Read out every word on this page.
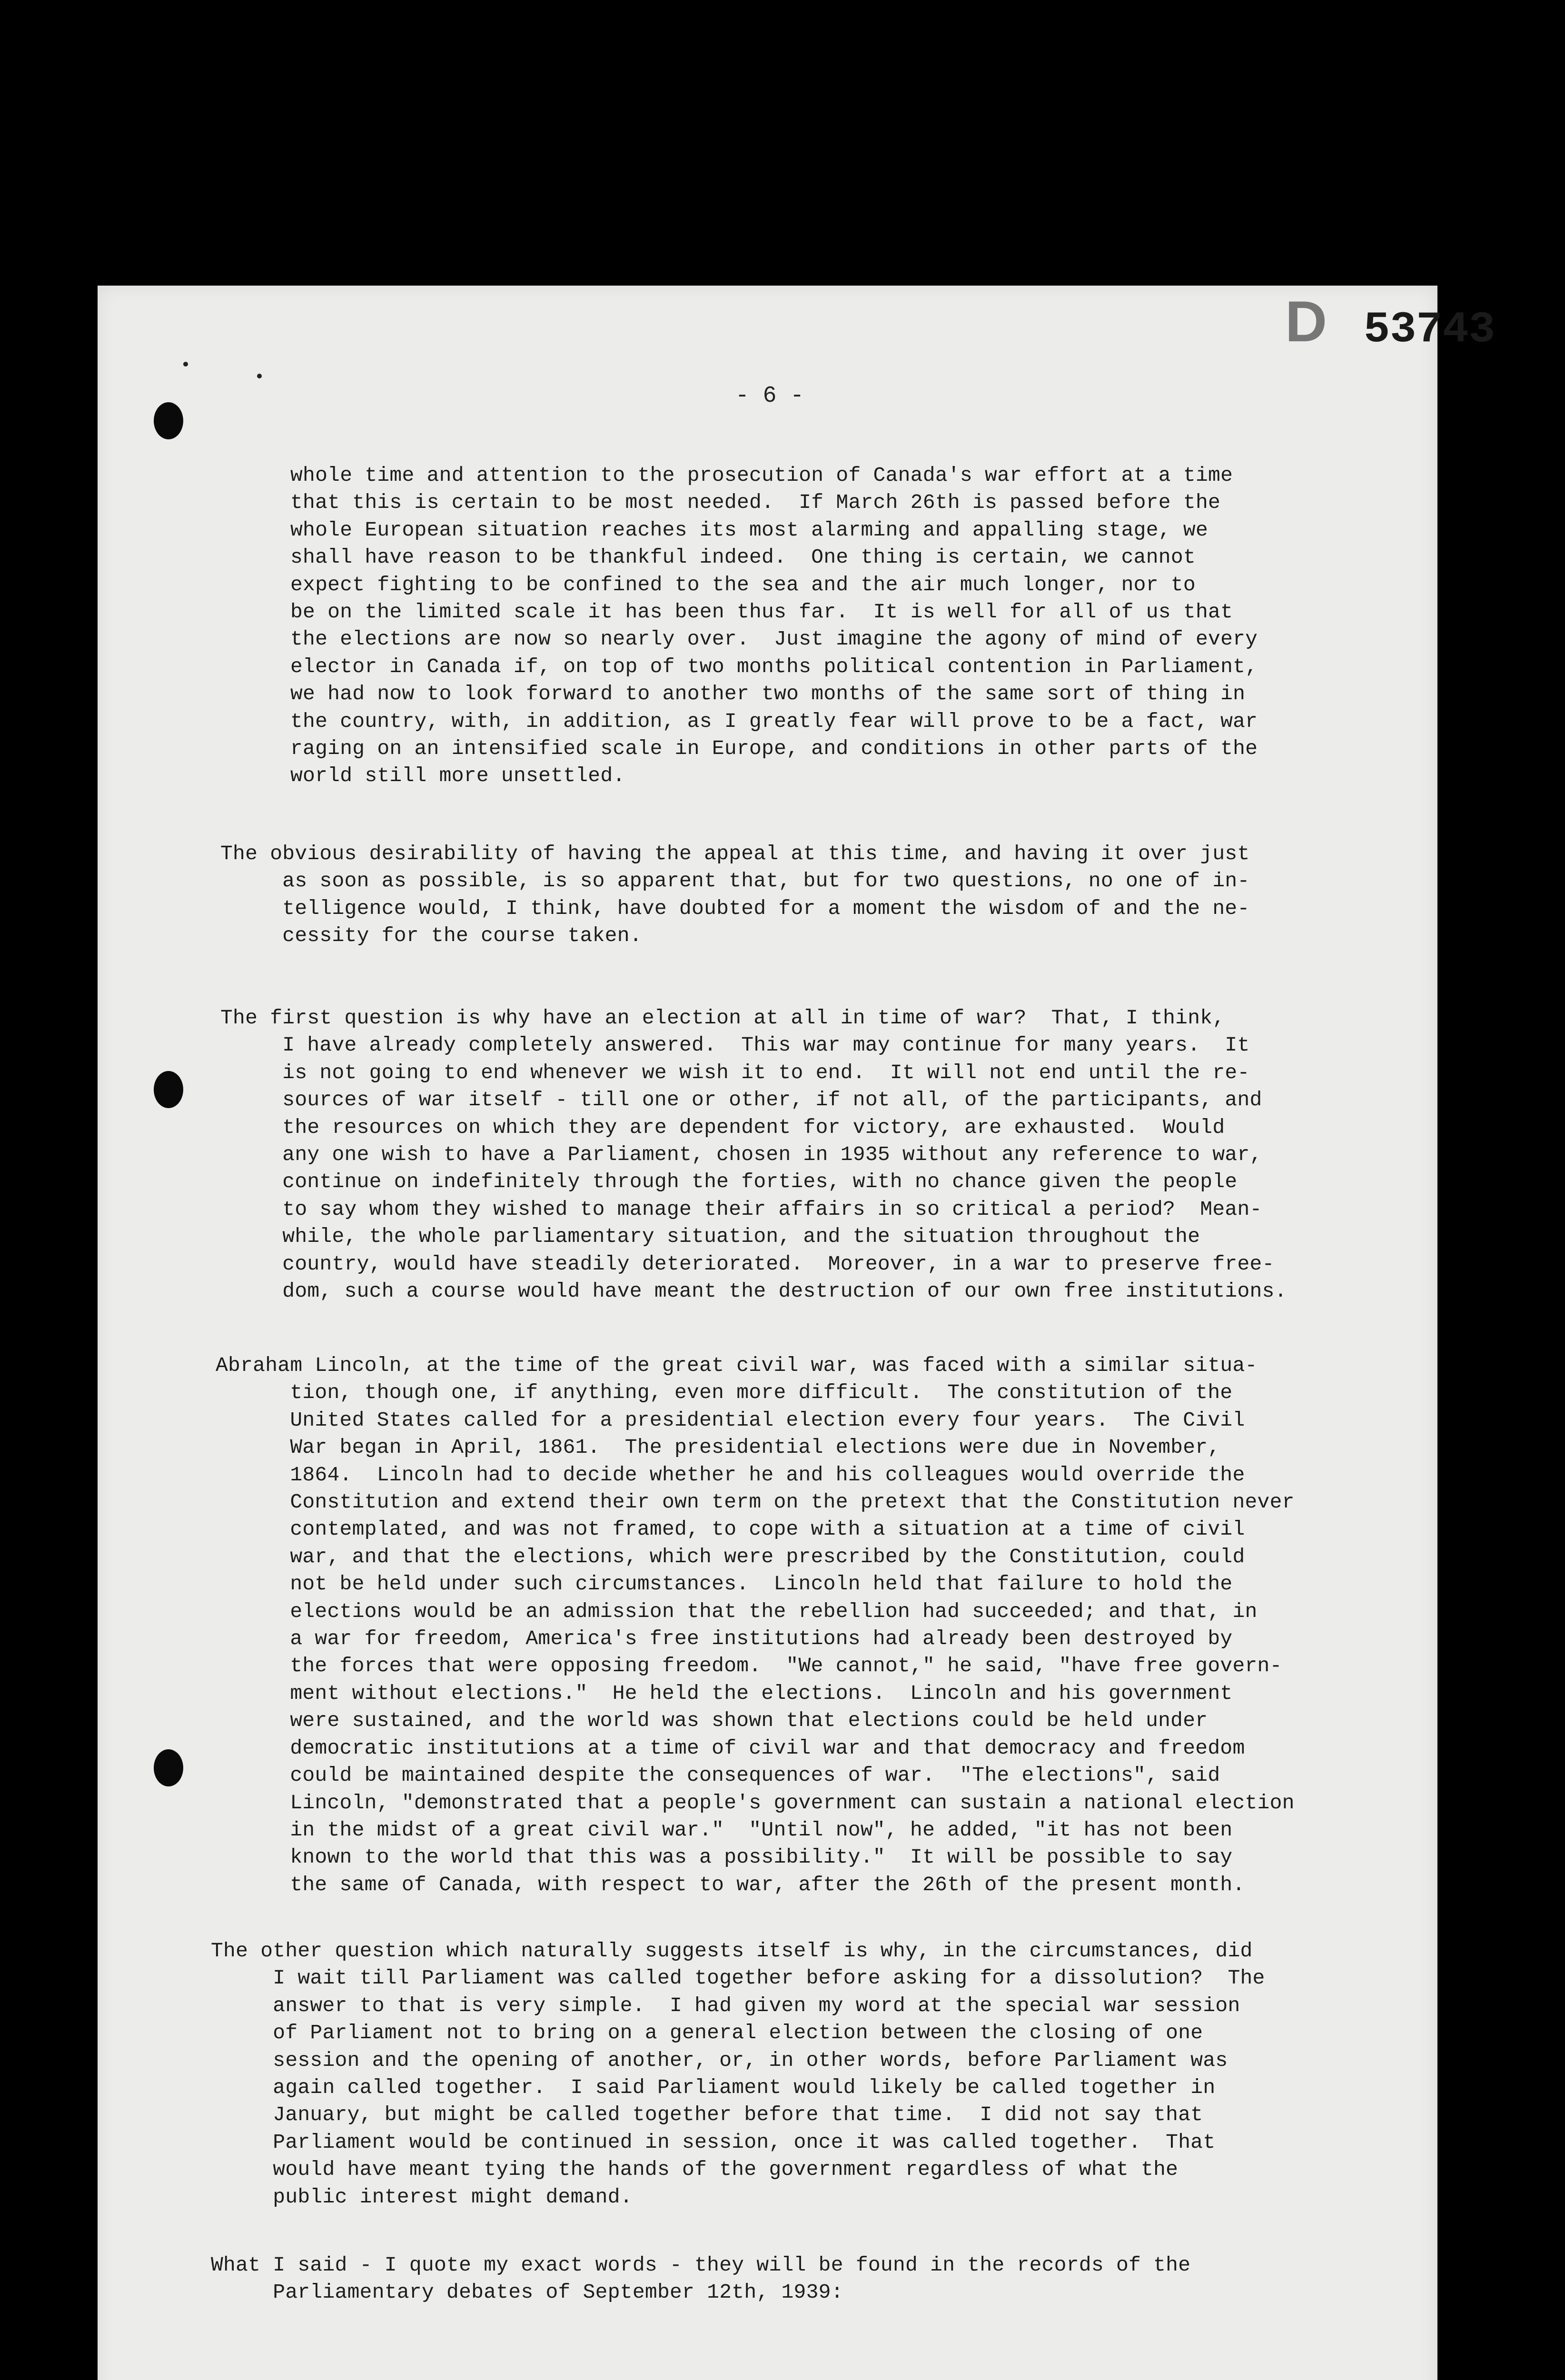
D 53743
- 6 -

whole time and attention to the prosecution of Canada's war effort at a time
that this is certain to be most needed.  If March 26th is passed before the
whole European situation reaches its most alarming and appalling stage, we
shall have reason to be thankful indeed.  One thing is certain, we cannot
expect fighting to be confined to the sea and the air much longer, nor to
be on the limited scale it has been thus far.  It is well for all of us that
the elections are now so nearly over.  Just imagine the agony of mind of every
elector in Canada if, on top of two months political contention in Parliament,
we had now to look forward to another two months of the same sort of thing in
the country, with, in addition, as I greatly fear will prove to be a fact, war
raging on an intensified scale in Europe, and conditions in other parts of the
world still more unsettled.

The obvious desirability of having the appeal at this time, and having it over just
as soon as possible, is so apparent that, but for two questions, no one of in-
telligence would, I think, have doubted for a moment the wisdom of and the ne-
cessity for the course taken.

The first question is why have an election at all in time of war?  That, I think,
I have already completely answered.  This war may continue for many years.  It
is not going to end whenever we wish it to end.  It will not end until the re-
sources of war itself - till one or other, if not all, of the participants, and
the resources on which they are dependent for victory, are exhausted.  Would
any one wish to have a Parliament, chosen in 1935 without any reference to war,
continue on indefinitely through the forties, with no chance given the people
to say whom they wished to manage their affairs in so critical a period?  Mean-
while, the whole parliamentary situation, and the situation throughout the
country, would have steadily deteriorated.  Moreover, in a war to preserve free-
dom, such a course would have meant the destruction of our own free institutions.

Abraham Lincoln, at the time of the great civil war, was faced with a similar situa-
tion, though one, if anything, even more difficult.  The constitution of the
United States called for a presidential election every four years.  The Civil
War began in April, 1861.  The presidential elections were due in November,
1864.  Lincoln had to decide whether he and his colleagues would override the
Constitution and extend their own term on the pretext that the Constitution never
contemplated, and was not framed, to cope with a situation at a time of civil
war, and that the elections, which were prescribed by the Constitution, could
not be held under such circumstances.  Lincoln held that failure to hold the
elections would be an admission that the rebellion had succeeded; and that, in
a war for freedom, America's free institutions had already been destroyed by
the forces that were opposing freedom.  "We cannot," he said, "have free govern-
ment without elections."  He held the elections.  Lincoln and his government
were sustained, and the world was shown that elections could be held under
democratic institutions at a time of civil war and that democracy and freedom
could be maintained despite the consequences of war.  "The elections", said
Lincoln, "demonstrated that a people's government can sustain a national election
in the midst of a great civil war."  "Until now", he added, "it has not been
known to the world that this was a possibility."  It will be possible to say
the same of Canada, with respect to war, after the 26th of the present month.

The other question which naturally suggests itself is why, in the circumstances, did
I wait till Parliament was called together before asking for a dissolution?  The
answer to that is very simple.  I had given my word at the special war session
of Parliament not to bring on a general election between the closing of one
session and the opening of another, or, in other words, before Parliament was
again called together.  I said Parliament would likely be called together in
January, but might be called together before that time.  I did not say that
Parliament would be continued in session, once it was called together.  That
would have meant tying the hands of the government regardless of what the
public interest might demand.

What I said - I quote my exact words - they will be found in the records of the
Parliamentary debates of September 12th, 1939:
